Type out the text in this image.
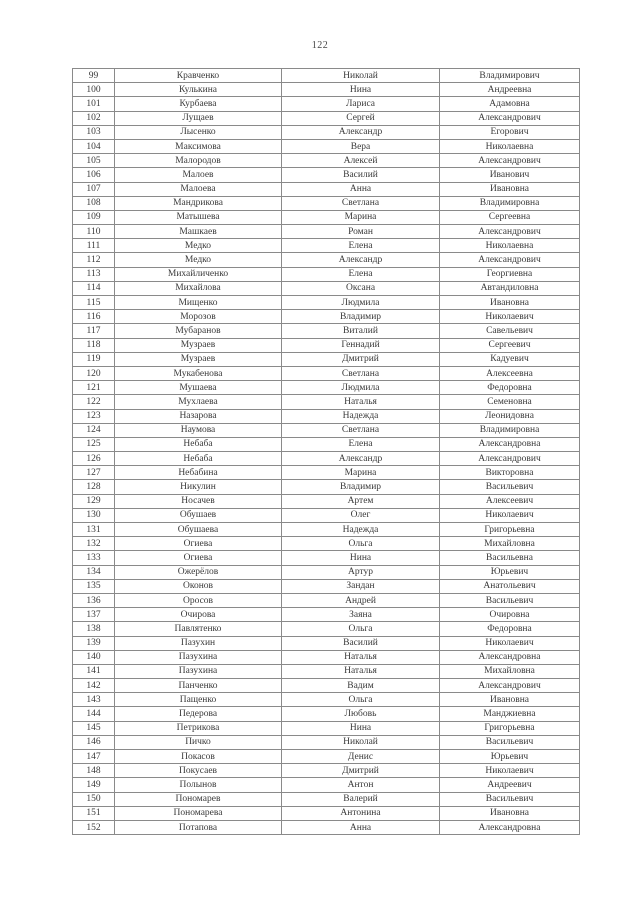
122
99	Кравченко	Николай	Владимирович
100	Кулькина	Нина	Андреевна
101	Курбаева	Лариса	Адамовна
102	Лущаев	Сергей	Александрович
103	Лысенко	Александр	Егорович
104	Максимова	Вера	Николаевна
105	Малородов	Алексей	Александрович
106	Малоев	Василий	Иванович
107	Малоева	Анна	Ивановна
108	Мандрикова	Светлана	Владимировна
109	Матышева	Марина	Сергеевна
110	Машкаев	Роман	Александрович
111	Медко	Елена	Николаевна
112	Медко	Александр	Александрович
113	Михайличенко	Елена	Георгиевна
114	Михайлова	Оксана	Автандиловна
115	Мищенко	Людмила	Ивановна
116	Морозов	Владимир	Николаевич
117	Мубаранов	Виталий	Савельевич
118	Музраев	Геннадий	Сергеевич
119	Музраев	Дмитрий	Кадуевич
120	Мукабенова	Светлана	Алексеевна
121	Мушаева	Людмила	Федоровна
122	Мухлаева	Наталья	Семеновна
123	Назарова	Надежда	Леонидовна
124	Наумова	Светлана	Владимировна
125	Небаба	Елена	Александровна
126	Небаба	Александр	Александрович
127	Небабина	Марина	Викторовна
128	Никулин	Владимир	Васильевич
129	Носачев	Артем	Алексеевич
130	Обушаев	Олег	Николаевич
131	Обушаева	Надежда	Григорьевна
132	Огиева	Ольга	Михайловна
133	Огиева	Нина	Васильевна
134	Ожерёлов	Артур	Юрьевич
135	Оконов	Зандан	Анатольевич
136	Оросов	Андрей	Васильевич
137	Очирова	Заяна	Очировна
138	Павлятенко	Ольга	Федоровна
139	Пазухин	Василий	Николаевич
140	Пазухина	Наталья	Александровна
141	Пазухина	Наталья	Михайловна
142	Панченко	Вадим	Александрович
143	Пащенко	Ольга	Ивановна
144	Педерова	Любовь	Манджиевна
145	Петрикова	Нина	Григорьевна
146	Пичко	Николай	Васильевич
147	Покасов	Денис	Юрьевич
148	Покусаев	Дмитрий	Николаевич
149	Полынов	Антон	Андреевич
150	Пономарев	Валерий	Васильевич
151	Пономарева	Антонина	Ивановна
152	Потапова	Анна	Александровна
